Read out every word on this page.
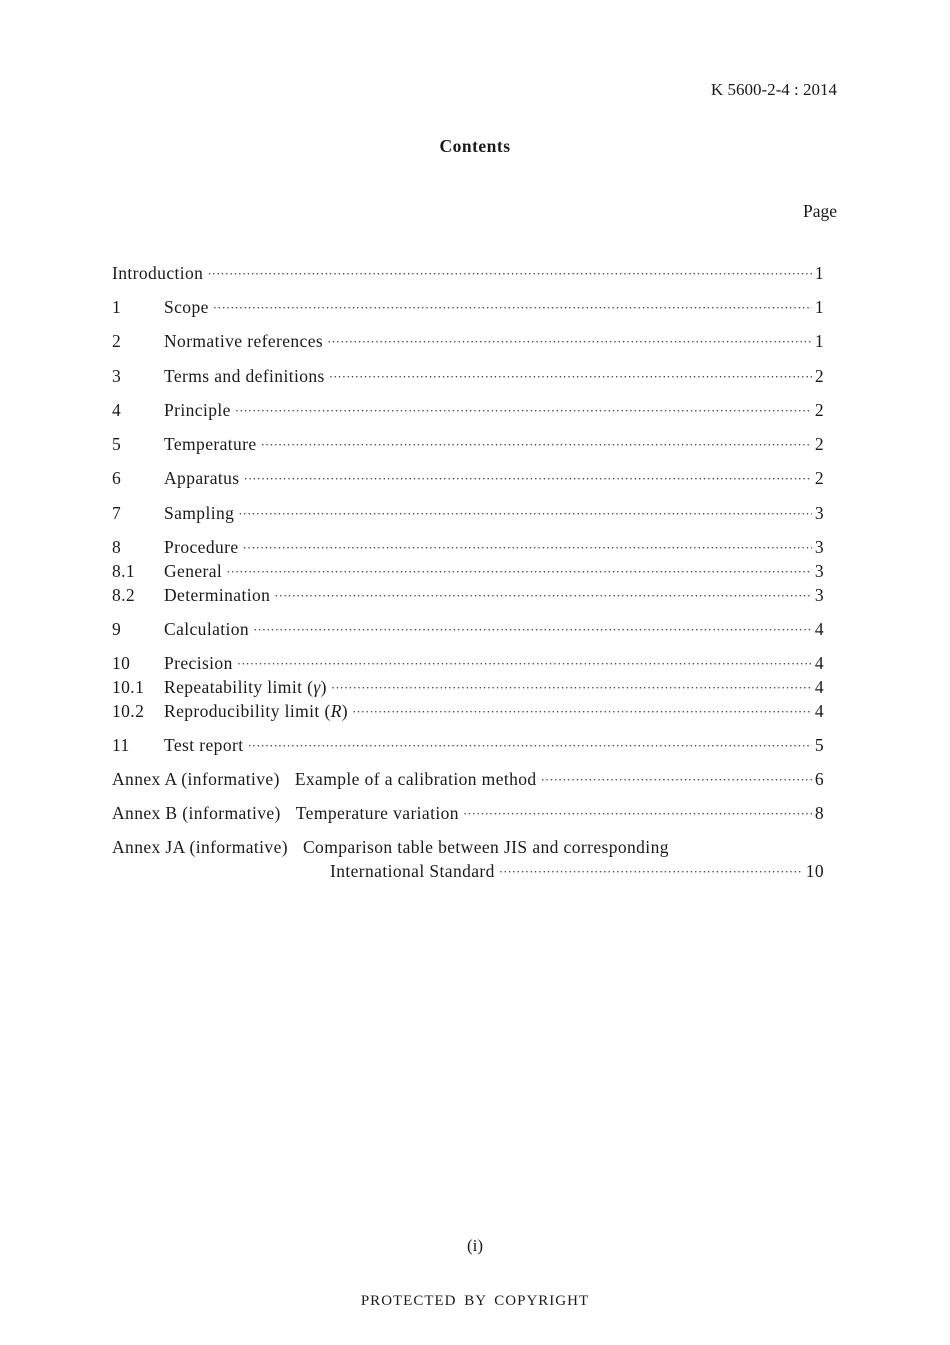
K 5600-2-4 : 2014
Contents
Page
Introduction ·····	1
1	Scope ·····	1
2	Normative references ·····	1
3	Terms and definitions ·····	2
4	Principle ·····	2
5	Temperature ·····	2
6	Apparatus ·····	2
7	Sampling ·····	3
8	Procedure ·····	3
8.1	General ·····	3
8.2	Determination ·····	3
9	Calculation ·····	4
10	Precision ·····	4
10.1	Repeatability limit (γ) ·····	4
10.2	Reproducibility limit (R) ·····	4
11	Test report ·····	5
Annex A (informative) Example of a calibration method ·····	6
Annex B (informative) Temperature variation ·····	8
Annex JA (informative) Comparison table between JIS and corresponding
International Standard ·····	10
(i)
PROTECTED BY COPYRIGHT
